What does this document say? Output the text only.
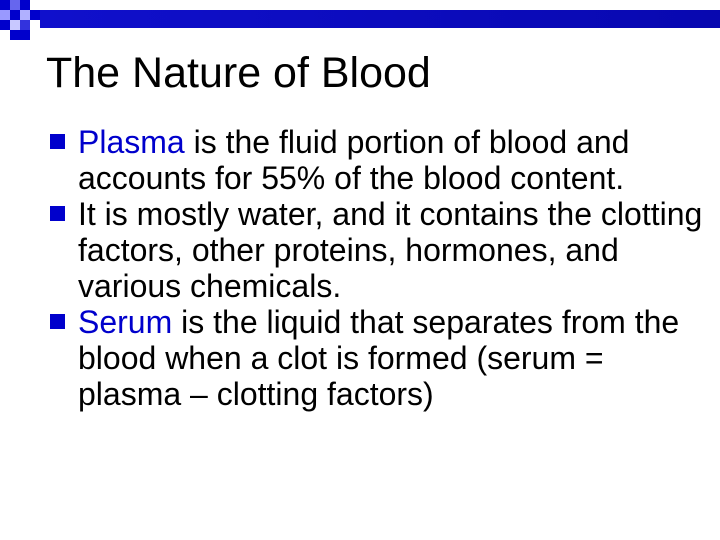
The Nature of Blood
Plasma is the fluid portion of blood and accounts for 55% of the blood content.
It is mostly water, and it contains the clotting factors, other proteins, hormones, and various chemicals.
Serum is the liquid that separates from the blood when a clot is formed (serum = plasma – clotting factors)
